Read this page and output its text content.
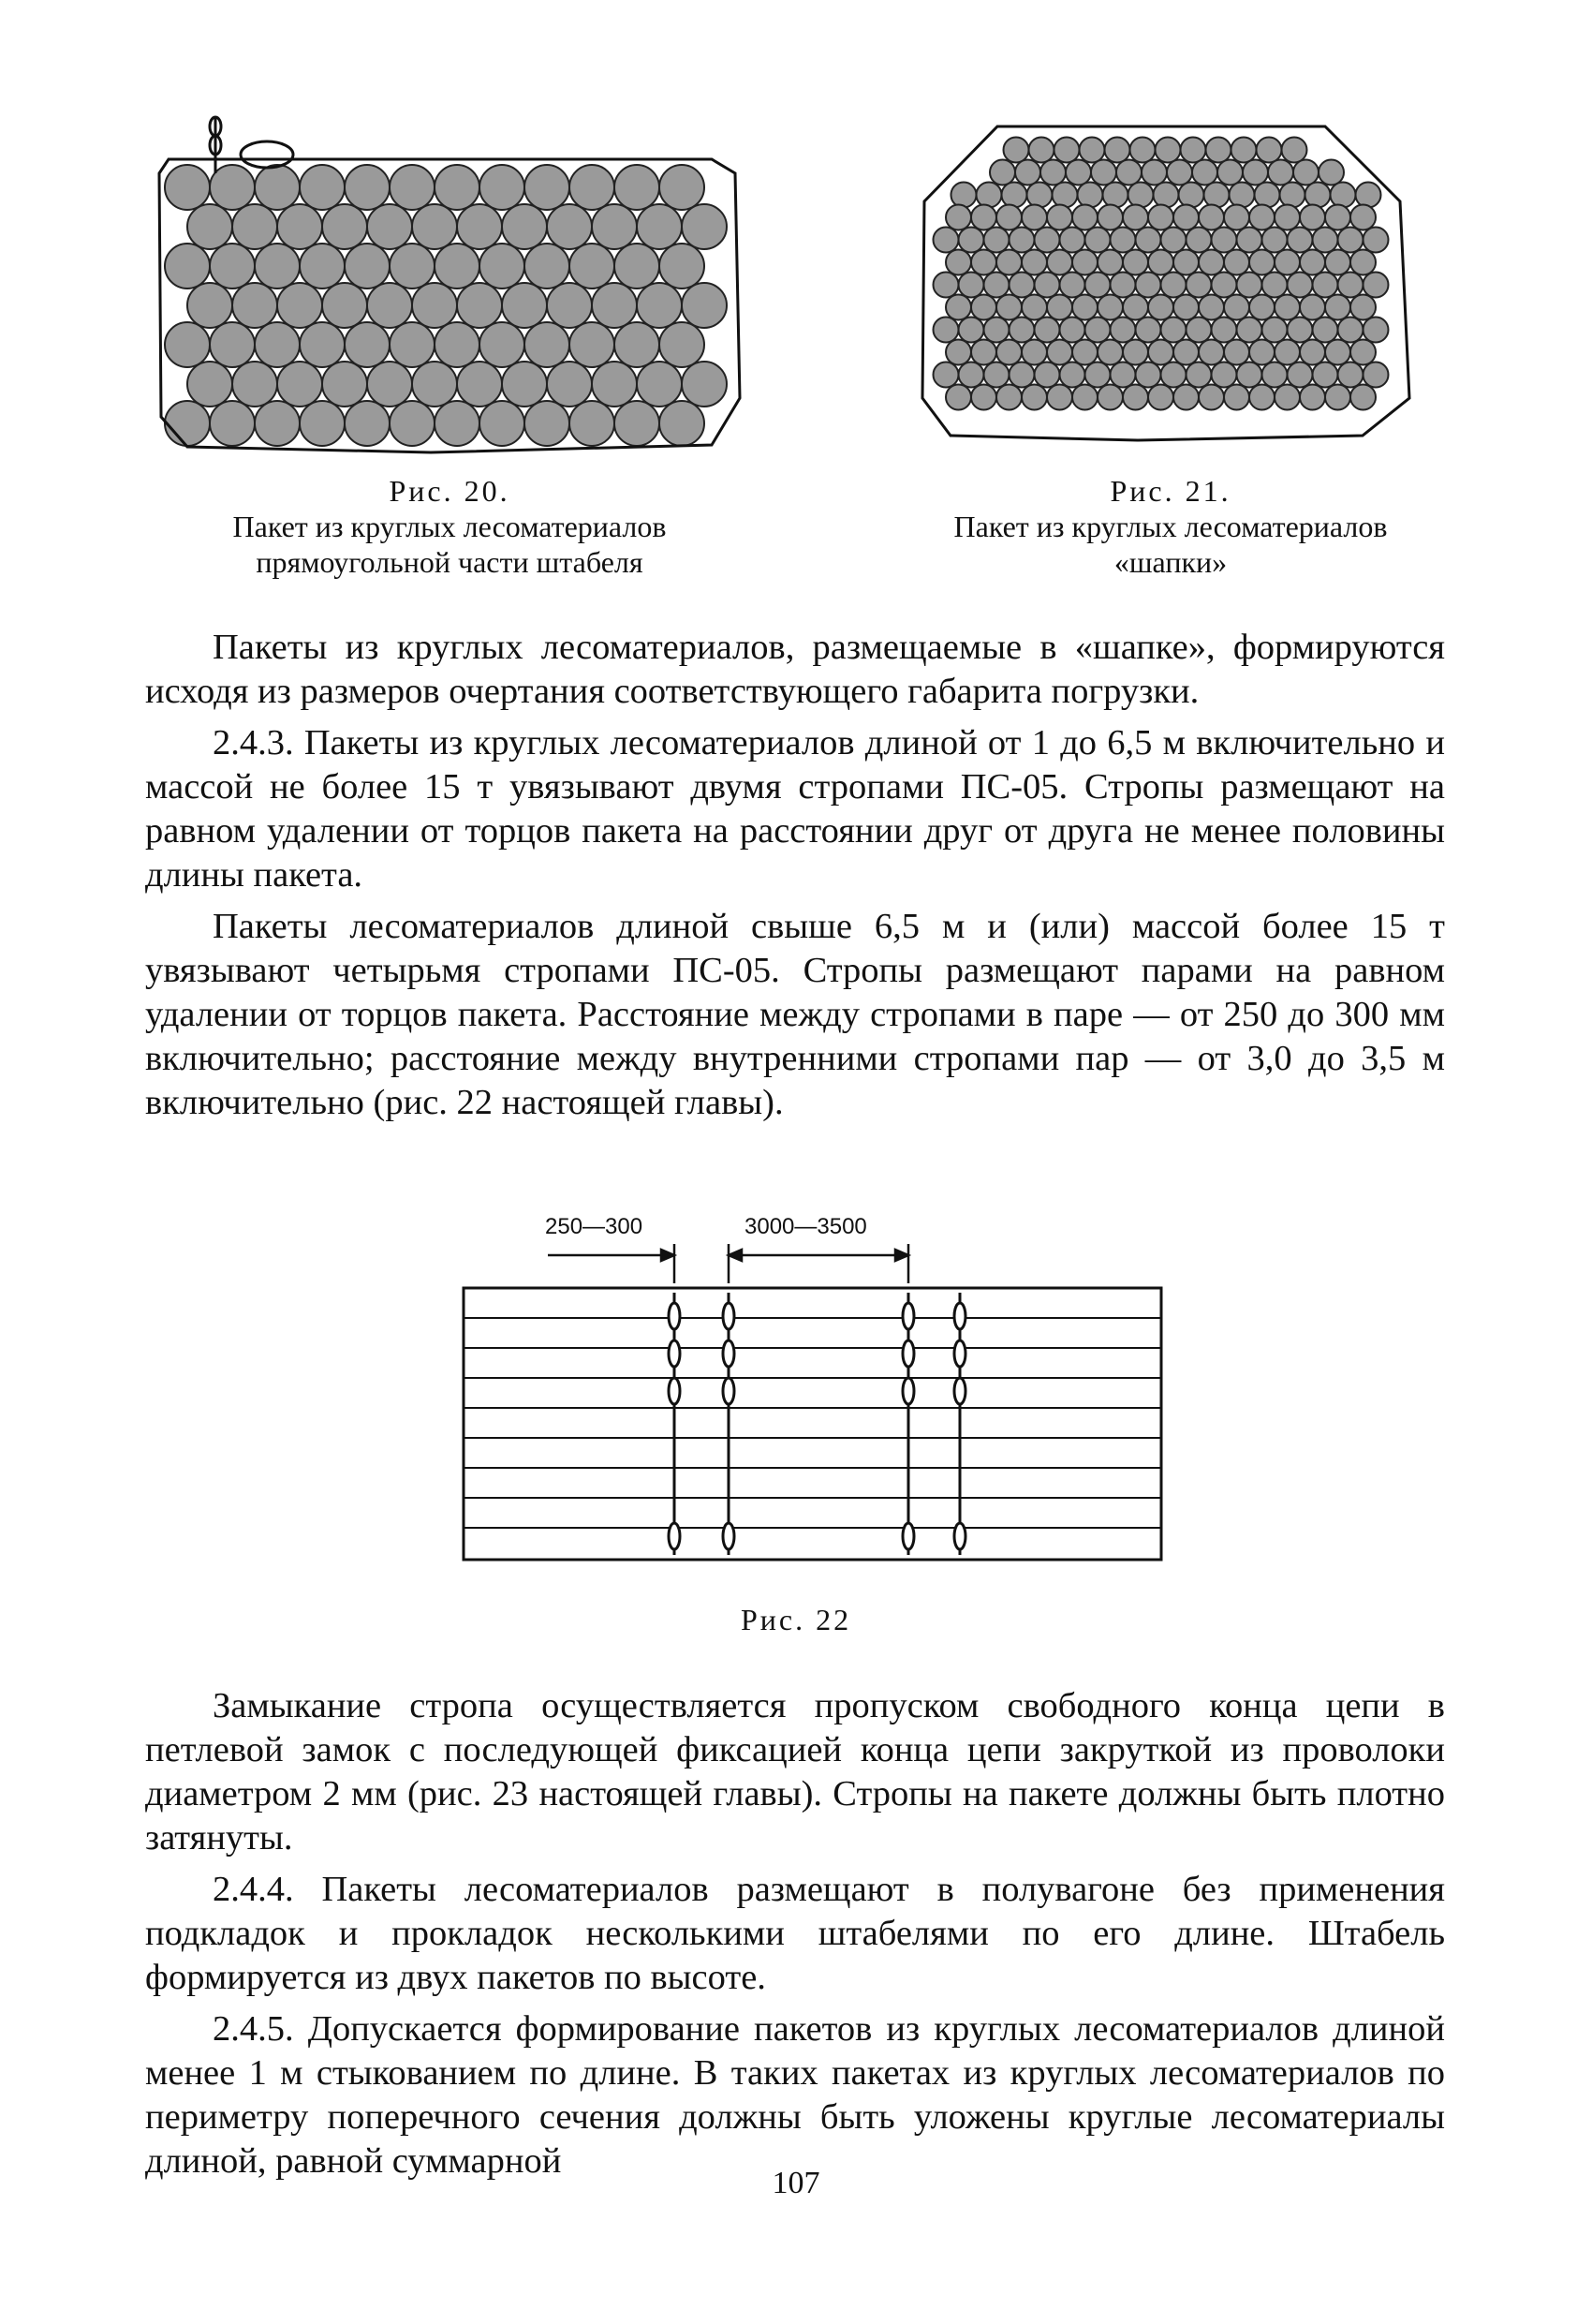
Рис. 20.
Пакет из круглых лесоматериалов
прямоугольной части штабеля
Рис. 21.
Пакет из круглых лесоматериалов
«шапки»

Пакеты из круглых лесоматериалов, размещаемые в «шапке», формируются исходя из размеров очертания соответствующего габарита погрузки.

2.4.3. Пакеты из круглых лесоматериалов длиной от 1 до 6,5 м включительно и массой не более 15 т увязывают двумя стропами ПС-05. Стропы размещают на равном удалении от торцов пакета на расстоянии друг от друга не менее половины длины пакета.

Пакеты лесоматериалов длиной свыше 6,5 м и (или) массой более 15 т увязывают четырьмя стропами ПС-05. Стропы размещают парами на равном удалении от торцов пакета. Расстояние между стропами в паре — от 250 до 300 мм включительно; расстояние между внутренними стропами пар — от 3,0 до 3,5 м включительно (рис. 22 настоящей главы).

250—300	3000—3500
Рис. 22

Замыкание стропа осуществляется пропуском свободного конца цепи в петлевой замок с последующей фиксацией конца цепи закруткой из проволоки диаметром 2 мм (рис. 23 настоящей главы). Стропы на пакете должны быть плотно затянуты.

2.4.4. Пакеты лесоматериалов размещают в полувагоне без применения подкладок и прокладок несколькими штабелями по его длине. Штабель формируется из двух пакетов по высоте.

2.4.5. Допускается формирование пакетов из круглых лесоматериалов длиной менее 1 м стыкованием по длине. В таких пакетах из круглых лесоматериалов по периметру поперечного сечения должны быть уложены круглые лесоматериалы длиной, равной суммарной

107
